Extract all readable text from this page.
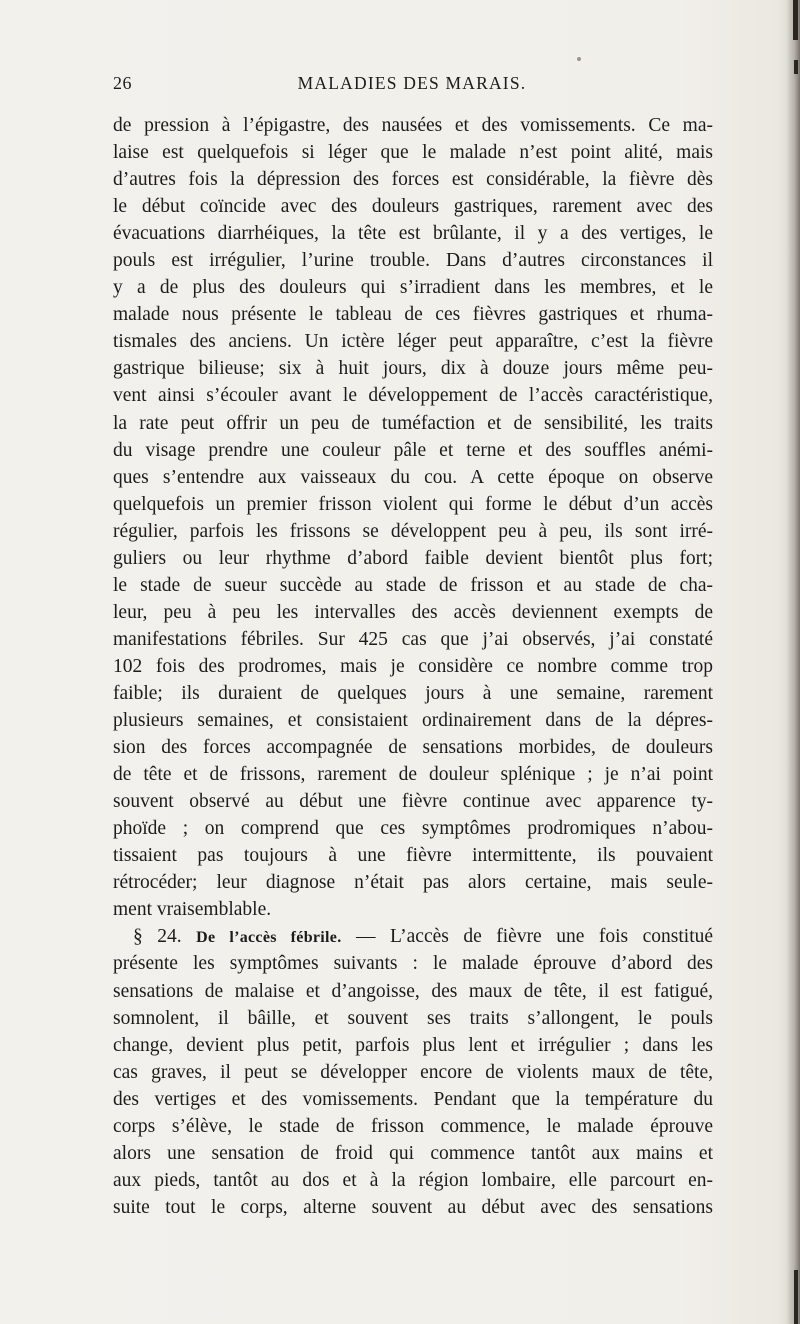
26	MALADIES DES MARAIS.
de pression à l’épigastre, des nausées et des vomissements. Ce ma-
laise est quelquefois si léger que le malade n’est point alité, mais
d’autres fois la dépression des forces est considérable, la fièvre dès
le début coïncide avec des douleurs gastriques, rarement avec des
évacuations diarrhéiques, la tête est brûlante, il y a des vertiges, le
pouls est irrégulier, l’urine trouble. Dans d’autres circonstances il
y a de plus des douleurs qui s’irradient dans les membres, et le
malade nous présente le tableau de ces fièvres gastriques et rhuma-
tismales des anciens. Un ictère léger peut apparaître, c’est la fièvre
gastrique bilieuse; six à huit jours, dix à douze jours même peu-
vent ainsi s’écouler avant le développement de l’accès caractéristique,
la rate peut offrir un peu de tuméfaction et de sensibilité, les traits
du visage prendre une couleur pâle et terne et des souffles anémi-
ques s’entendre aux vaisseaux du cou. A cette époque on observe
quelquefois un premier frisson violent qui forme le début d’un accès
régulier, parfois les frissons se développent peu à peu, ils sont irré-
guliers ou leur rhythme d’abord faible devient bientôt plus fort;
le stade de sueur succède au stade de frisson et au stade de cha-
leur, peu à peu les intervalles des accès deviennent exempts de
manifestations fébriles. Sur 425 cas que j’ai observés, j’ai constaté
102 fois des prodromes, mais je considère ce nombre comme trop
faible; ils duraient de quelques jours à une semaine, rarement
plusieurs semaines, et consistaient ordinairement dans de la dépres-
sion des forces accompagnée de sensations morbides, de douleurs
de tête et de frissons, rarement de douleur splénique ; je n’ai point
souvent observé au début une fièvre continue avec apparence ty-
phoïde ; on comprend que ces symptômes prodromiques n’abou-
tissaient pas toujours à une fièvre intermittente, ils pouvaient
rétrocéder; leur diagnose n’était pas alors certaine, mais seule-
ment vraisemblable.
§ 24. De l’accès fébrile. — L’accès de fièvre une fois constitué
présente les symptômes suivants : le malade éprouve d’abord des
sensations de malaise et d’angoisse, des maux de tête, il est fatigué,
somnolent, il bâille, et souvent ses traits s’allongent, le pouls
change, devient plus petit, parfois plus lent et irrégulier ; dans les
cas graves, il peut se développer encore de violents maux de tête,
des vertiges et des vomissements. Pendant que la température du
corps s’élève, le stade de frisson commence, le malade éprouve
alors une sensation de froid qui commence tantôt aux mains et
aux pieds, tantôt au dos et à la région lombaire, elle parcourt en-
suite tout le corps, alterne souvent au début avec des sensations
